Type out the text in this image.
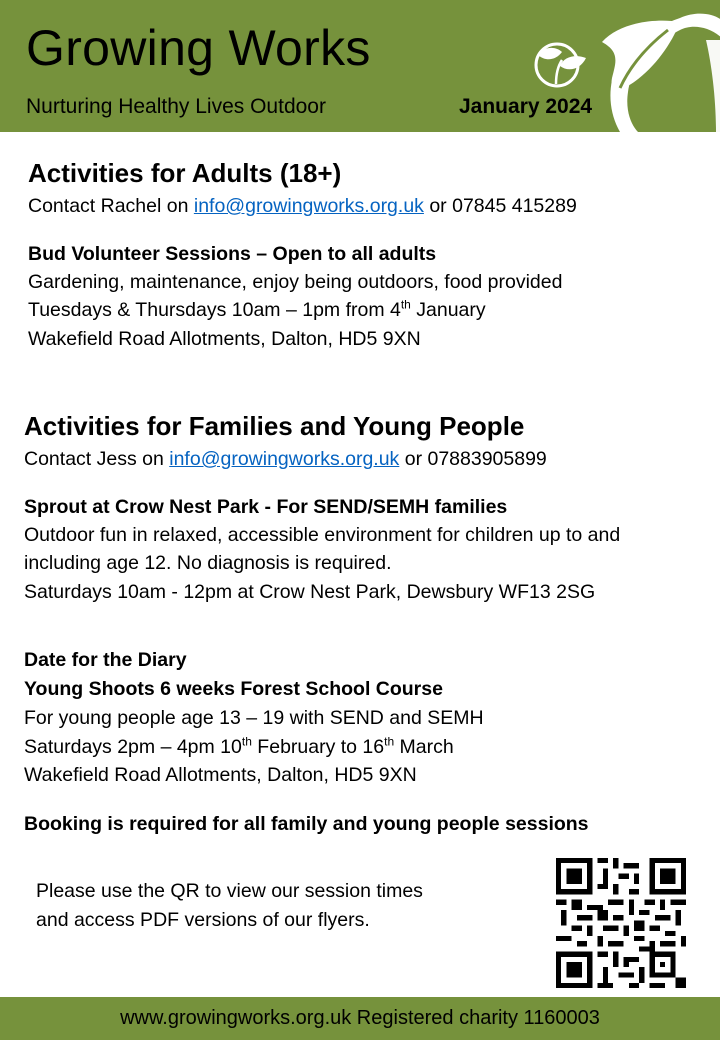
Growing Works
Nurturing Healthy Lives Outdoor	January 2024
Activities for Adults (18+)
Contact Rachel on info@growingworks.org.uk or 07845 415289
Bud Volunteer Sessions – Open to all adults
Gardening, maintenance, enjoy being outdoors, food provided
Tuesdays & Thursdays 10am – 1pm from 4th January
Wakefield Road Allotments, Dalton, HD5 9XN
Activities for Families and Young People
Contact Jess on info@growingworks.org.uk or 07883905899
Sprout at Crow Nest Park - For SEND/SEMH families
Outdoor fun in relaxed, accessible environment for children up to and
including age 12. No diagnosis is required.
Saturdays 10am - 12pm at Crow Nest Park, Dewsbury WF13 2SG
Date for the Diary
Young Shoots 6 weeks Forest School Course
For young people age 13 – 19 with SEND and SEMH
Saturdays 2pm – 4pm 10th February to 16th March
Wakefield Road Allotments, Dalton, HD5 9XN
Booking is required for all family and young people sessions
Please use the QR to view our session times
and access PDF versions of our flyers.
www.growingworks.org.uk Registered charity 1160003
